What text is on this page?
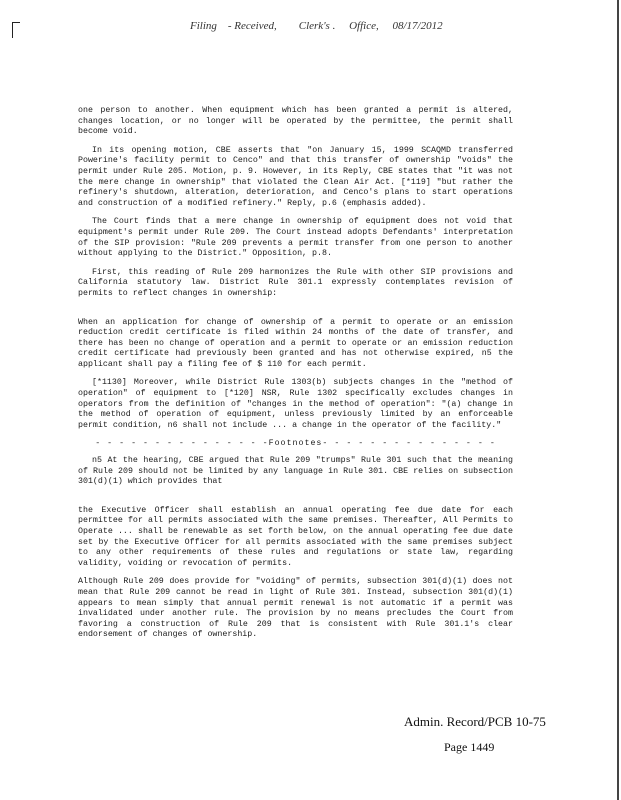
Filing - Received, Clerk's . Office, 08/17/2012

one person to another. When equipment which has been granted a permit is altered, changes location, or no longer will be operated by the permittee, the permit shall become void.

In its opening motion, CBE asserts that "on January 15, 1999 SCAQMD transferred Powerine's facility permit to Cenco" and that this transfer of ownership "voids" the permit under Rule 205. Motion, p. 9. However, in its Reply, CBE states that "it was not the mere change in ownership" that violated the Clean Air Act. [*119] "but rather the refinery's shutdown, alteration, deterioration, and Cenco's plans to start operations and construction of a modified refinery." Reply, p.6 (emphasis added).

The Court finds that a mere change in ownership of equipment does not void that equipment's permit under Rule 209. The Court instead adopts Defendants' interpretation of the SIP provision: "Rule 209 prevents a permit transfer from one person to another without applying to the District." Opposition, p.8.

First, this reading of Rule 209 harmonizes the Rule with other SIP provisions and California statutory law. District Rule 301.1 expressly contemplates revision of permits to reflect changes in ownership:

When an application for change of ownership of a permit to operate or an emission reduction credit certificate is filed within 24 months of the date of transfer, and there has been no change of operation and a permit to operate or an emission reduction credit certificate had previously been granted and has not otherwise expired, n5 the applicant shall pay a filing fee of $ 110 for each permit.

[*1130] Moreover, while District Rule 1303(b) subjects changes in the "method of operation" of equipment to [*120] NSR, Rule 1302 specifically excludes changes in operators from the definition of "changes in the method of operation": "(a) change in the method of operation of equipment, unless previously limited by an enforceable permit condition, n6 shall not include ... a change in the operator of the facility."

- - - - - - - - - - - - - - -Footnotes- - - - - - - - - - - - - - -

n5 At the hearing, CBE argued that Rule 209 "trumps" Rule 301 such that the meaning of Rule 209 should not be limited by any language in Rule 301. CBE relies on subsection 301(d)(1) which provides that

the Executive Officer shall establish an annual operating fee due date for each permittee for all permits associated with the same premises. Thereafter, All Permits to Operate ... shall be renewable as set forth below, on the annual operating fee due date set by the Executive Officer for all permits associated with the same premises subject to any other requirements of these rules and regulations or state law, regarding validity, voiding or revocation of permits.

Although Rule 209 does provide for "voiding" of permits, subsection 301(d)(1) does not mean that Rule 209 cannot be read in light of Rule 301. Instead, subsection 301(d)(1) appears to mean simply that annual permit renewal is not automatic if a permit was invalidated under another rule. The provision by no means precludes the Court from favoring a construction of Rule 209 that is consistent with Rule 301.1's clear endorsement of changes of ownership.

Admin. Record/PCB 10-75
Page 1449
